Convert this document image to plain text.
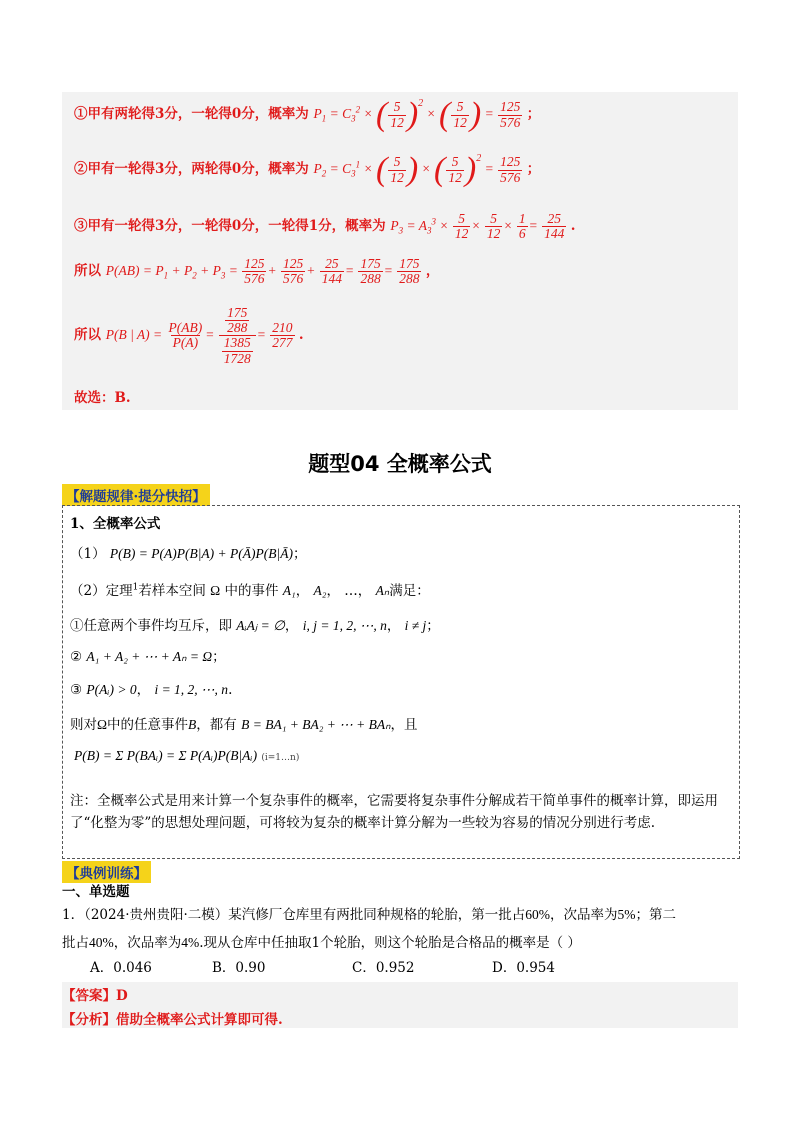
①甲有两轮得3分，一轮得0分，概率为 $P_1 = C_3^2$ × ( $\frac{5}{12} )^2$ × ( $\frac{5}{12}$ ) = $\frac{125}{576}$ ；
②甲有一轮得3分，两轮得0分，概率为 $P_2 = C_3^1$ × ( $\frac{5}{12}$ ) × ( $\frac{5}{12} )^2 = \frac{125}{576}$ ；
③甲有一轮得3分，一轮得0分，一轮得1分，概率为 $P_3 = A_3^3 \times \frac{5}{12} \times \frac{5}{12} \times \frac{1}{6} = \frac{25}{144}$ .
所以 $P(AB) = P_1 + P_2 + P_3 = \frac{125}{576} + \frac{125}{576} + \frac{25}{144} = \frac{175}{288} = \frac{175}{288}$ ，
所以 P(B | $A) = \frac{P(AB)}{P(A)} = \frac{\frac{175}{288}}{\frac{1385}{1728}} = \frac{210}{277}$ .
故选：B.
题型04 全概率公式
【解题规律·提分快招】
1、全概率公式
（1） P(B) = P(A)P(B|A) + P(Ā)P(B|Ā)；
（2）定理$^1$若样本空间 Ω 中的事件 A₁， A₂， …， Aₙ满足：
①任意两个事件均互斥，即 AᵢAⱼ = ∅， i, j = 1, 2, ⋯, n， i ≠ j；
② A₁ + A₂ + ⋯ + Aₙ = Ω；
③ P(Aᵢ) > 0， i = 1, 2, ⋯, n.
则对Ω中的任意事件B，都有 B = BA₁ + BA₂ + ⋯ + BAₙ，且
P(B) = Σ P(BAᵢ) = Σ P(Aᵢ)P(B|Aᵢ) (i=1…n)
注：全概率公式是用来计算一个复杂事件的概率，它需要将复杂事件分解成若干简单事件的概率计算，即运用了“化整为零”的思想处理问题，可将较为复杂的概率计算分解为一些较为容易的情况分别进行考虑.
【典例训练】
一、单选题
1．（2024·贵州贵阳·二模）某汽修厂仓库里有两批同种规格的轮胎，第一批占60%，次品率为5%；第二
批占40%，次品率为4%.现从仓库中任抽取1个轮胎，则这个轮胎是合格品的概率是（ ）
A．0.046	B．0.90	C．0.952	D．0.954
【答案】D
【分析】借助全概率公式计算即可得.
